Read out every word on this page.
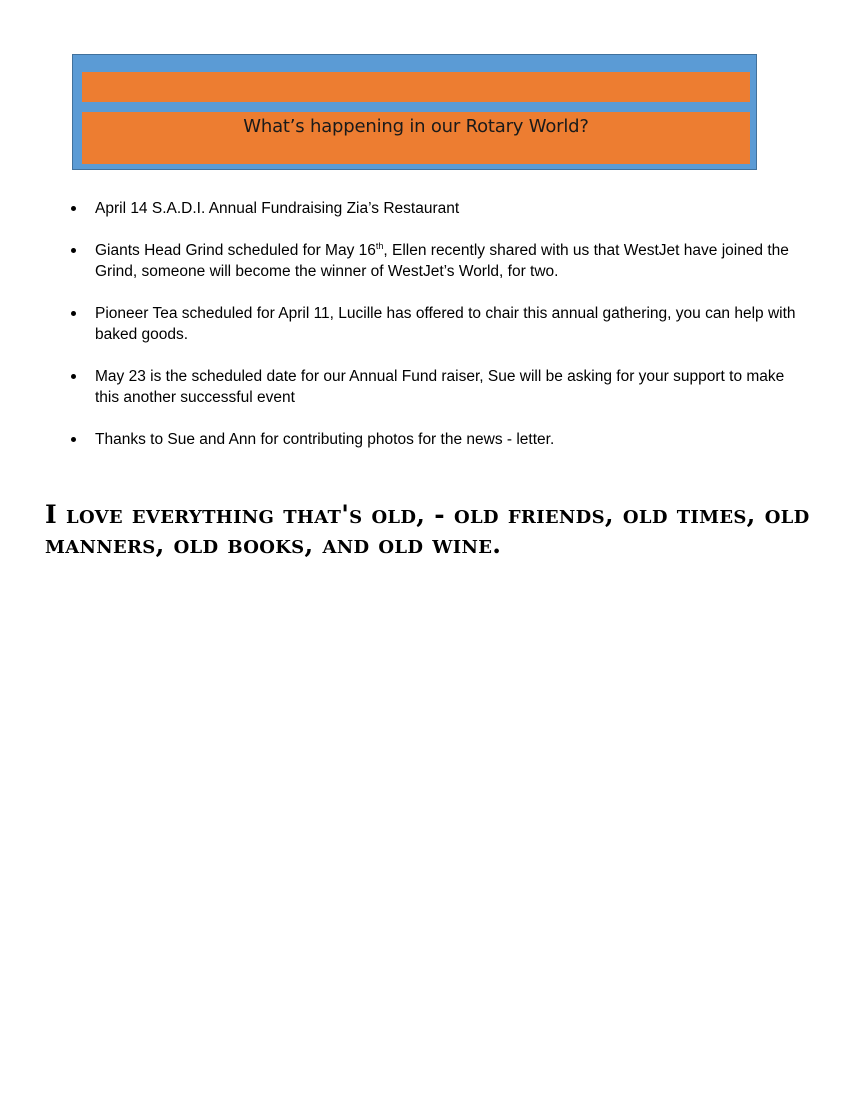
What’s happening in our Rotary World?
April 14 S.A.D.I. Annual Fundraising Zia’s Restaurant
Giants Head Grind scheduled for May 16th, Ellen recently shared with us that WestJet have joined the Grind, someone will become the winner of WestJet’s World, for two.
Pioneer Tea scheduled for April 11, Lucille has offered to chair this annual gathering, you can help with baked goods.
May 23 is the scheduled date for our Annual Fund raiser, Sue will be asking for your support to make this another successful event
Thanks to Sue and Ann for contributing photos for the news - letter.

I love everything that's old, - old friends, old times, old manners, old books, and old wine.
